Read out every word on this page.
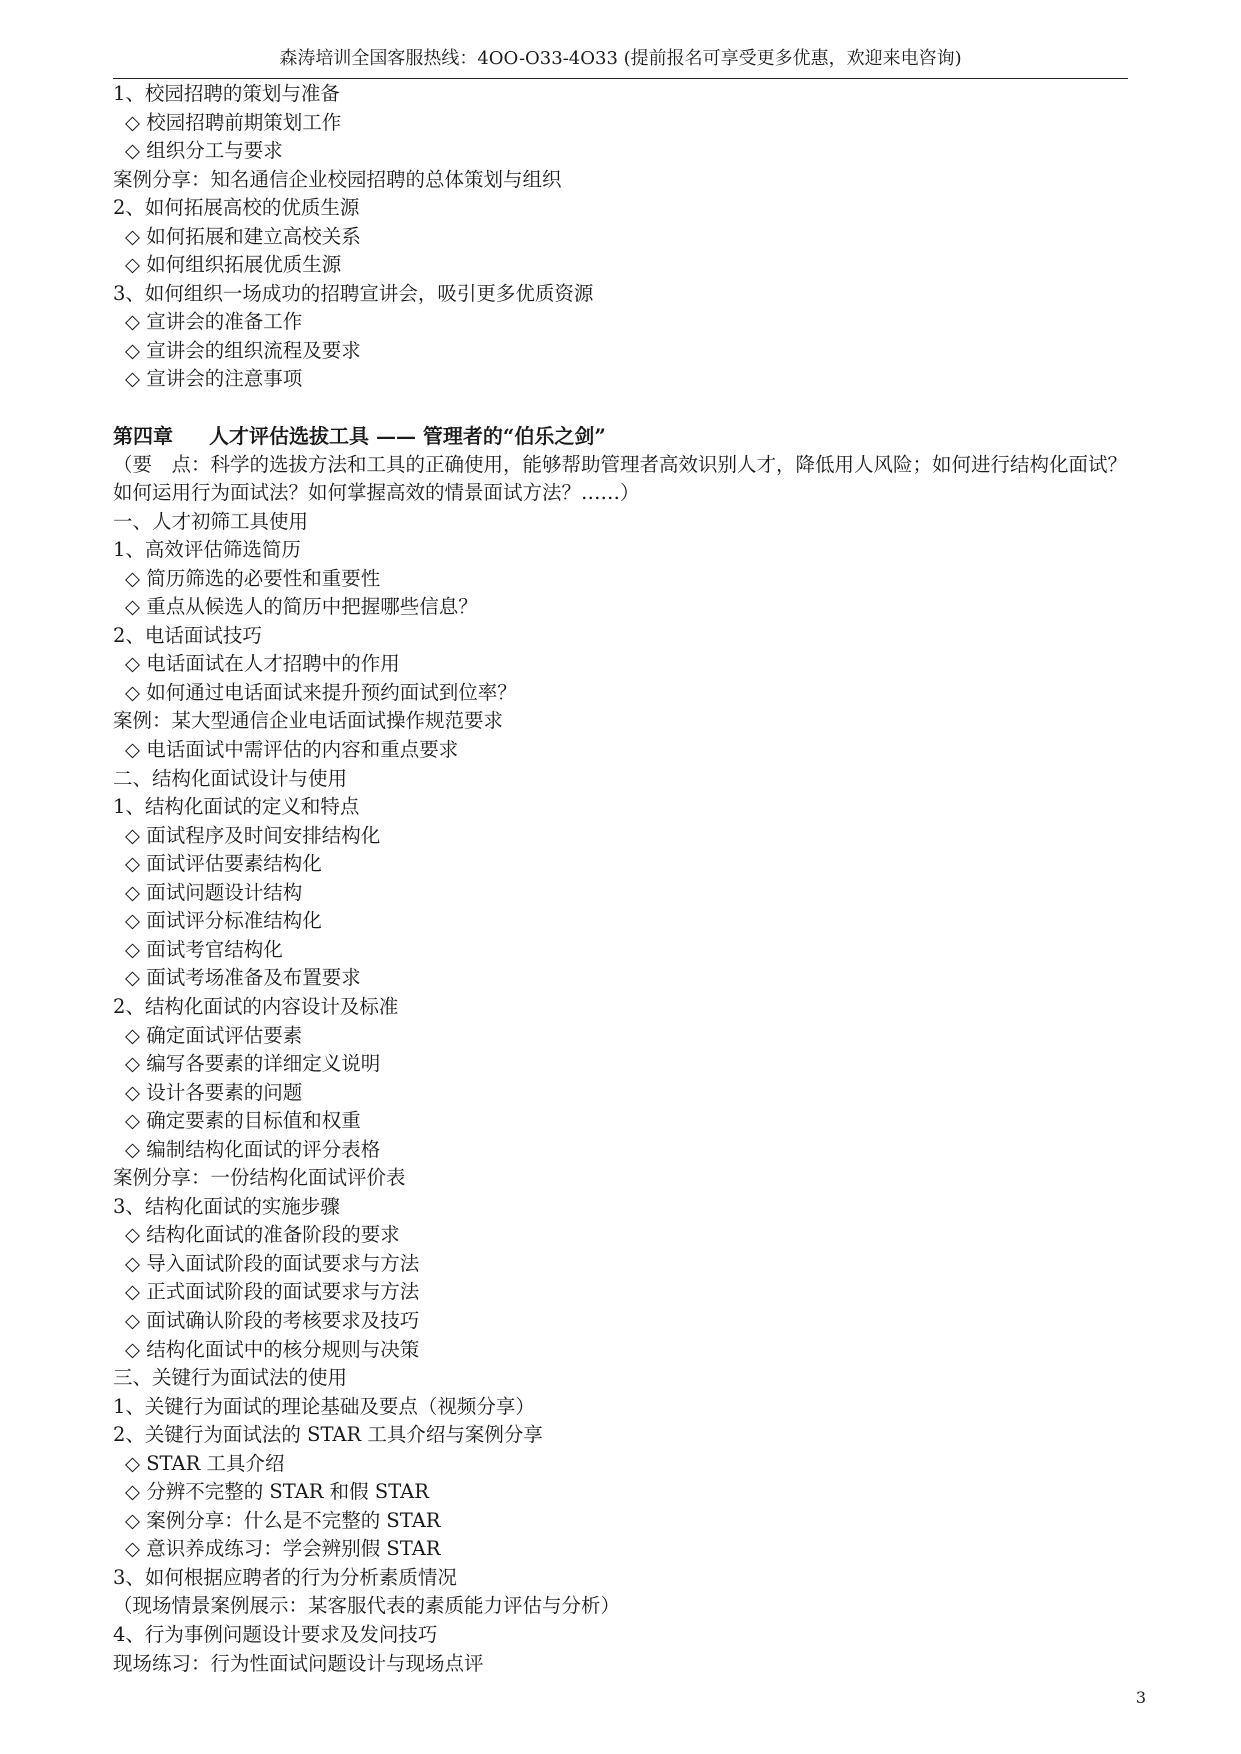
森涛培训全国客服热线：4OO-O33-4O33 (提前报名可享受更多优惠，欢迎来电咨询)
1、校园招聘的策划与准备
◇ 校园招聘前期策划工作
◇ 组织分工与要求
案例分享：知名通信企业校园招聘的总体策划与组织
2、如何拓展高校的优质生源
◇ 如何拓展和建立高校关系
◇ 如何组织拓展优质生源
3、如何组织一场成功的招聘宣讲会，吸引更多优质资源
◇ 宣讲会的准备工作
◇ 宣讲会的组织流程及要求
◇ 宣讲会的注意事项
第四章 人才评估选拔工具 —— 管理者的“伯乐之剑”
（要　点：科学的选拔方法和工具的正确使用，能够帮助管理者高效识别人才，降低用人风险；如何进行结构化面试？如何运用行为面试法？如何掌握高效的情景面试方法？……）
一、人才初筛工具使用
1、高效评估筛选简历
◇ 简历筛选的必要性和重要性
◇ 重点从候选人的简历中把握哪些信息？
2、电话面试技巧
◇ 电话面试在人才招聘中的作用
◇ 如何通过电话面试来提升预约面试到位率？
案例：某大型通信企业电话面试操作规范要求
◇ 电话面试中需评估的内容和重点要求
二、结构化面试设计与使用
1、结构化面试的定义和特点
◇ 面试程序及时间安排结构化
◇ 面试评估要素结构化
◇ 面试问题设计结构
◇ 面试评分标准结构化
◇ 面试考官结构化
◇ 面试考场准备及布置要求
2、结构化面试的内容设计及标准
◇ 确定面试评估要素
◇ 编写各要素的详细定义说明
◇ 设计各要素的问题
◇ 确定要素的目标值和权重
◇ 编制结构化面试的评分表格
案例分享：一份结构化面试评价表
3、结构化面试的实施步骤
◇ 结构化面试的准备阶段的要求
◇ 导入面试阶段的面试要求与方法
◇ 正式面试阶段的面试要求与方法
◇ 面试确认阶段的考核要求及技巧
◇ 结构化面试中的核分规则与决策
三、关键行为面试法的使用
1、关键行为面试的理论基础及要点（视频分享）
2、关键行为面试法的 STAR 工具介绍与案例分享
◇ STAR 工具介绍
◇ 分辨不完整的 STAR 和假 STAR
◇ 案例分享：什么是不完整的 STAR
◇ 意识养成练习：学会辨别假 STAR
3、如何根据应聘者的行为分析素质情况
（现场情景案例展示：某客服代表的素质能力评估与分析）
4、行为事例问题设计要求及发问技巧
现场练习：行为性面试问题设计与现场点评
3
